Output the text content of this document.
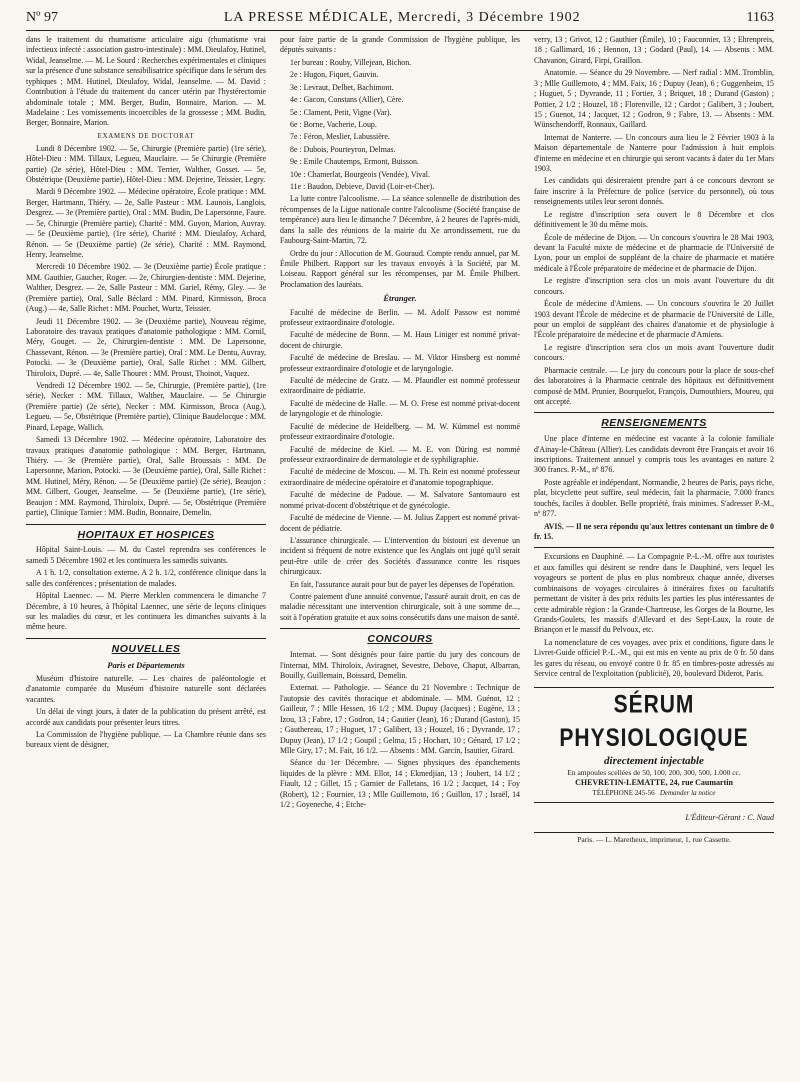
Nº 97	LA PRESSE MÉDICALE, Mercredi, 3 Décembre 1902	1163

dans le traitement du rhumatisme articulaire aigu (rhumatisme vrai infectieux infecté : association gastro-intestinale) : MM. Dieulafoy, Hutinel, Widal, Jeanselme. — M. Le Sourd : Recherches expérimentales et cliniques sur la présence d'une substance sensibilisatrice spécifique dans le sérum des typhiques ; MM. Hutinel, Dieulafoy, Widal, Jeanselme. — M. David : Contribution à l'étude du traitement du cancer utérin par l'hystérectomie abdominale totale ; MM. Berger, Budin, Bonnaire, Marion. — M. Madelaine : Les vomissements incoercibles de la grossesse ; MM. Budin, Berger, Bonnaire, Marion.

EXAMENS DE DOCTORAT

Lundi 8 Décembre 1902. — 5e, Chirurgie (Première partie) (1re série), Hôtel-Dieu : MM. Tillaux, Legueu, Mauclaire. — 5e Chirurgie (Première partie) (2e série), Hôtel-Dieu : MM. Terrier, Walther, Gosset. — 5e, Obstétrique (Deuxième partie), Hôtel-Dieu : MM. Dejerine, Teissier, Legry.

Mardi 9 Décembre 1902. — Médecine opératoire, École pratique : MM. Berger, Hartmann, Thiéry. — 2e, Salle Pasteur : MM. Launois, Langlois, Desgrez. — 3e (Première partie), Oral : MM. Budin, De Lapersonne, Faure. — 5e, Chirurgie (Première partie), Charité : MM. Guyon, Marion, Auvray. — 5e (Deuxième partie), (1re série), Charité : MM. Dieulafoy, Achard, Rénon. — 5e (Deuxième partie) (2e série), Charité : MM. Raymond, Henry, Jeanselme.

Mercredi 10 Décembre 1902. — 3e (Deuxième partie) École pratique : MM. Gauthier, Gaucher, Roger. — 2e, Chirurgien-dentiste : MM. Dejerine, Walther, Desgrez. — 2e, Salle Pasteur : MM. Gariel, Rémy, Gley. — 3e (Première partie), Oral, Salle Béclard : MM. Pinard, Kirmisson, Broca (Aug.) — 4e, Salle Richet : MM. Pouchet, Wurtz, Teissier.

Jeudi 11 Décembre 1902. — 3e (Deuxième partie), Nouveau régime, Laboratoire des travaux pratiques d'anatomie pathologique : MM. Cornil, Méry, Gouget. — 2e, Chirurgien-dentiste : MM. De Lapersonne, Chassevant, Rénon. — 3e (Première partie), Oral : MM. Le Dentu, Auvray, Potocki. — 3e (Deuxième partie), Oral, Salle Richet : MM. Gilbert, Thiroloix, Dupré. — 4e, Salle Thouret : MM. Proust, Thoinot, Vaquez.

Vendredi 12 Décembre 1902. — 5e, Chirurgie, (Première partie), (1re série), Necker : MM. Tillaux, Walther, Mauclaire. — 5e Chirurgie (Première partie) (2e série), Necker : MM. Kirmisson, Broca (Aug.), Legueu. — 5e, Obstétrique (Première partie), Clinique Baudelocque : MM. Pinard, Lepage, Wallich.

Samedi 13 Décembre 1902. — Médecine opératoire, Laboratoire des travaux pratiques d'anatomie pathologique : MM. Berger, Hartmann, Thiéry. — 3e (Première partie), Oral, Salle Broussais : MM. De Lapersonne, Marion, Potocki. — 3e (Deuxième partie), Oral, Salle Richet : MM. Hutinel, Méry, Rénon. — 5e (Deuxième partie) (2e série), Beaujon : MM. Gilbert, Gouget, Jeanselme. — 5e (Deuxième partie), (1re série), Beaujon : MM. Raymond, Thiroloix, Dupré. — 5e, Obstétrique (Première partie), Clinique Tarnier : MM. Budin, Bonnaire, Demelin.

HOPITAUX ET HOSPICES

Hôpital Saint-Louis. — M. du Castel reprendra ses conférences le samedi 5 Décembre 1902 et les continuera les samedis suivants.

A 1 h. 1/2, consultation externe. A 2 h. 1/2, conférence clinique dans la salle des conférences ; présentation de malades.

Hôpital Laennec. — M. Pierre Merklen commencera le dimanche 7 Décembre, à 10 heures, à l'hôpital Laennec, une série de leçons cliniques sur les maladies du cœur, et les continuera les dimanches suivants à la même heure.

NOUVELLES
Paris et Départements

Muséum d'histoire naturelle. — Les chaires de paléontologie et d'anatomie comparée du Muséum d'histoire naturelle sont déclarées vacantes.

Un délai de vingt jours, à dater de la publication du présent arrêté, est accordé aux candidats pour présenter leurs titres.

La Commission de l'hygiène publique. — La Chambre réunie dans ses bureaux vient de désigner,

pour faire partie de la grande Commission de l'hygiène publique, les députés suivants :

1er bureau : Rouby, Villejean, Bichon.

2e : Hugon, Fiquet, Gauvin.

3e : Levraut, Delbet, Bachimont.

4e : Gacon, Constans (Allier), Cère.

5e : Clament, Petit, Vigne (Var).

6e : Borne, Vacherie, Loup.

7e : Féron, Meslier, Labussière.

8e : Dubois, Pourteyron, Delmas.

9e : Emile Chautemps, Ermont, Buisson.

10e : Chamerlat, Bourgeois (Vendée), Vival.

11e : Baudon, Debieve, David (Loir-et-Cher).

La lutte contre l'alcoolisme. — La séance solennelle de distribution des récompenses de la Ligue nationale contre l'alcoolisme (Société française de tempérance) aura lieu le dimanche 7 Décembre, à 2 heures de l'après-midi, dans la salle des réunions de la mairie du Xe arrondissement, rue du Faubourg-Saint-Martin, 72.

Ordre du jour : Allocution de M. Gouraud. Compte rendu annuel, par M. Émile Philbert. Rapport sur les travaux envoyés à la Société, par M. Loiseau. Rapport général sur les récompenses, par M. Émile Philbert. Proclamation des lauréats.

Étranger.

Faculté de médecine de Berlin. — M. Adolf Passow est nommé professeur extraordinaire d'otologie.

Faculté de médecine de Bonn. — M. Haus Liniger est nommé privat-docent de chirurgie.

Faculté de médecine de Breslau. — M. Viktor Hinsberg est nommé professeur extraordinaire d'otologie et de laryngologie.

Faculté de médecine de Gratz. — M. Pfaundler est nommé professeur extraordinaire de pédiatrie.

Faculté de médecine de Halle. — M. O. Frese est nommé privat-docent de laryngologie et de rhinologie.

Faculté de médecine de Heidelberg. — M. W. Kümmel est nommé professeur extraordinaire d'otologie.

Faculté de médecine de Kiel. — M. E. von Düring est nommé professeur extraordinaire de dermatologie et de syphiligraphie.

Faculté de médecine de Moscou. — M. Th. Rein est nommé professeur extraordinaire de médecine opératoire et d'anatomie topographique.

Faculté de médecine de Padoue. — M. Salvatore Santomauro est nommé privat-docent d'obstétrique et de gynécologie.

Faculté de médecine de Vienne. — M. Julius Zappert est nommé privat-docent de pédiatrie.

L'assurance chirurgicale. — L'intervention du bistouri est devenue un incident si fréquent de notre existence que les Anglais ont jugé qu'il serait peut-être utile de créer des Sociétés d'assurance contre les risques chirurgicaux.

En fait, l'assurance aurait pour but de payer les dépenses de l'opération.

Contre paiement d'une annuité convenue, l'assuré aurait droit, en cas de maladie nécessitant une intervention chirurgicale, soit à une somme de..., soit à l'opération gratuite et aux soins consécutifs dans une maison de santé.

CONCOURS

Internat. — Sont désignés pour faire partie du jury des concours de l'internat, MM. Thiroloix, Aviragnet, Sevestre, Debove, Chaput, Albarran, Bouilly, Guillemain, Boissard, Demelin.

Externat. — Pathologie. — Séance du 21 Novembre : Technique de l'autopsie des cavités thoracique et abdominale. — MM. Guénot, 12 ; Gailleur, 7 ; Mlle Hessen, 16 1/2 ; MM. Dupuy (Jacques) ; Eugène, 13 ; Izou, 13 ; Fabre, 17 ; Godron, 14 ; Gautier (Jean), 16 ; Durand (Gaston), 15 ; Gauthereau, 17 ; Huguet, 17 ; Galibert, 13 ; Houzel, 16 ; Dyvrande, 17 ; Dupuy (Jean), 17 1/2 ; Goupil ; Gelma, 15 ; Hochart, 10 ; Génard, 17 1/2 ; Mlle Giry, 17 ; M. Fait, 16 1/2. — Absents : MM. Garcin, Isautier, Girard.

Séance du 1er Décembre. — Signes physiques des épanchements liquides de la plèvre : MM. Ellot, 14 ; Ekmedjian, 13 ; Joubert, 14 1/2 ; Fiault, 12 ; Gillet, 15 ; Garnier de Falletans, 16 1/2 ; Jacquet, 14 ; Foy (Robert), 12 ; Fournier, 13 ; Mlle Guillemoto, 16 ; Guillon, 17 ; Israël, 14 1/2 ; Goyeneche, 4 ; Etche-

verry, 13 ; Grivot, 12 ; Gauthier (Émile), 10 ; Fauconnier, 13 ; Ehrenpreis, 18 ; Gallimard, 16 ; Hennon, 13 ; Godard (Paul), 14. — Absents : MM. Chavanon, Girard, Firpi, Graillon.

Anatomie. — Séance du 29 Novembre. — Nerf radial : MM. Tromblin, 3 ; Mlle Guillemoto, 4 ; MM. Faix, 16 ; Dupuy (Jean), 6 ; Guggenheim, 15 ; Huguet, 5 ; Dyvrande, 11 ; Fortier, 3 ; Briquet, 18 ; Durand (Gaston) ; Pottier, 2 1/2 ; Houzel, 18 ; Florenville, 12 ; Cardot ; Galibert, 3 ; Joubert, 15 ; Guenot, 14 ; Jacquet, 12 ; Godron, 9 ; Fabre, 13. — Absents : MM. Wünschendorff, Ronnaux, Gaillard.

Internat de Nanterre. — Un concours aura lieu le 2 Février 1903 à la Maison départementale de Nanterre pour l'admission à huit emplois d'interne en médecine et en chirurgie qui seront vacants à dater du 1er Mars 1903.

Les candidats qui désireraient prendre part à ce concours devront se faire inscrire à la Préfecture de police (service du personnel), où tous renseignements utiles leur seront donnés.

Le registre d'inscription sera ouvert le 8 Décembre et clos définitivement le 30 du même mois.

École de médecine de Dijon. — Un concours s'ouvrira le 28 Mai 1903, devant la Faculté mixte de médecine et de pharmacie de l'Université de Lyon, pour un emploi de suppléant de la chaire de pharmacie et matière médicale à l'École préparatoire de médecine et de pharmacie de Dijon.

Le registre d'inscription sera clos un mois avant l'ouverture du dit concours.

École de médecine d'Amiens. — Un concours s'ouvrira le 20 Juillet 1903 devant l'École de médecine et de pharmacie de l'Université de Lille, pour un emploi de suppléant des chaires d'anatomie et de physiologie à l'École préparatoire de médecine et de pharmacie d'Amiens.

Le registre d'inscription sera clos un mois avant l'ouverture dudit concours.

Pharmacie centrale. — Le jury du concours pour la place de sous-chef des laboratoires à la Pharmacie centrale des hôpitaux est définitivement composé de MM. Prunier, Bourquelot, François, Dumouthiers, Moureu, qui ont accepté.

RENSEIGNEMENTS

Une place d'interne en médecine est vacante à la colonie familiale d'Ainay-le-Château (Allier). Les candidats devront être Français et avoir 16 inscriptions. Traitement annuel y compris tous les avantages en nature 2 300 francs. P.-M., nº 876.

Poste agréable et indépendant, Normandie, 2 heures de Paris, pays riche, plat, bicyclette peut suffire, seul médecin, fait la pharmacie, 7.000 francs touchés, faciles à doubler. Belle propriété, frais minimes. S'adresser P.-M., nº 877.

AVIS. — Il ne sera répondu qu'aux lettres contenant un timbre de 0 fr. 15.

Excursions en Dauphiné. — La Compagnie P.-L.-M. offre aux touristes et aux familles qui désirent se rendre dans le Dauphiné, vers lequel les voyageurs se portent de plus en plus nombreux chaque année, diverses combinaisons de voyages circulaires à itinéraires fixes ou facultatifs permettant de visiter à des prix réduits les parties les plus intéressantes de cette admirable région : la Grande-Chartreuse, les Gorges de la Bourne, les Grands-Goulets, les massifs d'Allevard et des Sept-Laux, la route de Briançon et le massif du Pelvoux, etc.

La nomenclature de ces voyages, avec prix et conditions, figure dans le Livret-Guide officiel P.-L.-M., qui est mis en vente au prix de 0 fr. 50 dans les gares du réseau, ou envoyé contre 0 fr. 85 en timbres-poste adressés au Service central de l'exploitation (publicité), 20, boulevard Diderot, Paris.

SÉRUM PHYSIOLOGIQUE
directement injectable
En ampoules scellées de 50, 100, 200, 300, 500, 1.000 cc.
CHEVRETIN-LEMATTE, 24, rue Caumartin
TÉLÉPHONE 245-56 Demander la notice
L'Éditeur-Gérant : C. Naud
Paris. — L. Maretheux, imprimeur, 1, rue Cassette.
